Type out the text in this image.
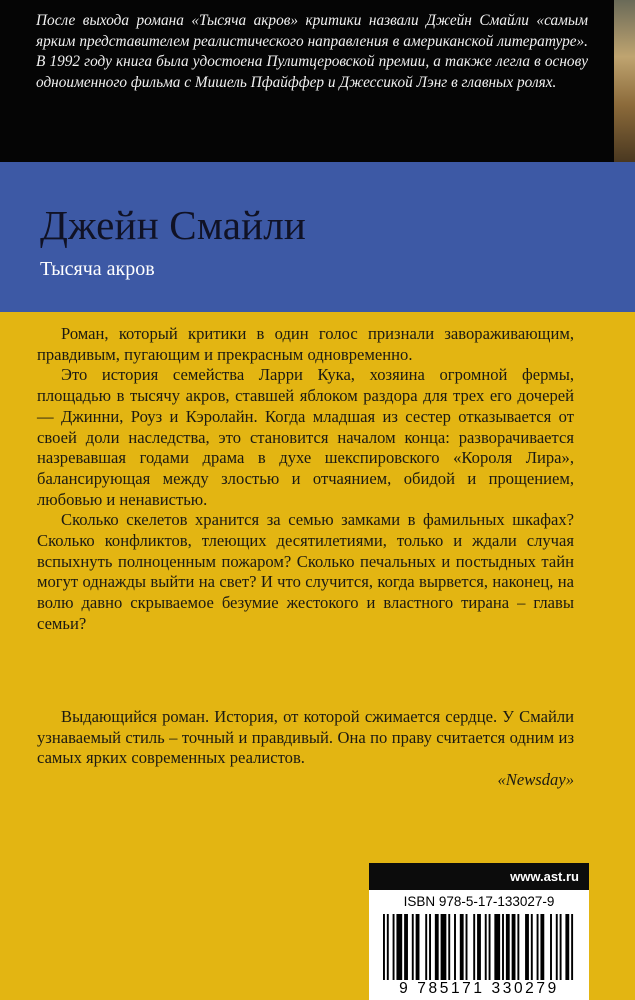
После выхода романа «Тысяча акров» критики назвали Джейн Смайли «самым ярким представителем реалистического направления в американской литературе». В 1992 году книга была удостоена Пулитцеровской премии, а также легла в основу одноименного фильма с Мишель Пфайффер и Джессикой Лэнг в главных ролях.

Джейн Смайли
Тысяча акров

Роман, который критики в один голос признали завораживающим, правдивым, пугающим и прекрасным одновременно.

Это история семейства Ларри Кука, хозяина огромной фермы, площадью в тысячу акров, ставшей яблоком раздора для трех его дочерей — Джинни, Роуз и Кэролайн. Когда младшая из сестер отказывается от своей доли наследства, это становится началом конца: разворачивается назревавшая годами драма в духе шекспировского «Короля Лира», балансирующая между злостью и отчаянием, обидой и прощением, любовью и ненавистью.

Сколько скелетов хранится за семью замками в фамильных шкафах? Сколько конфликтов, тлеющих десятилетиями, только и ждали случая вспыхнуть полноценным пожаром? Сколько печальных и постыдных тайн могут однажды выйти на свет? И что случится, когда вырвется, наконец, на волю давно скрываемое безумие жестокого и властного тирана – главы семьи?

Выдающийся роман. История, от которой сжимается сердце. У Смайли узнаваемый стиль – точный и правдивый. Она по праву считается одним из самых ярких современных реалистов.

«Newsday»
www.ast.ru
ISBN 978-5-17-133027-9
9 785171 330279
